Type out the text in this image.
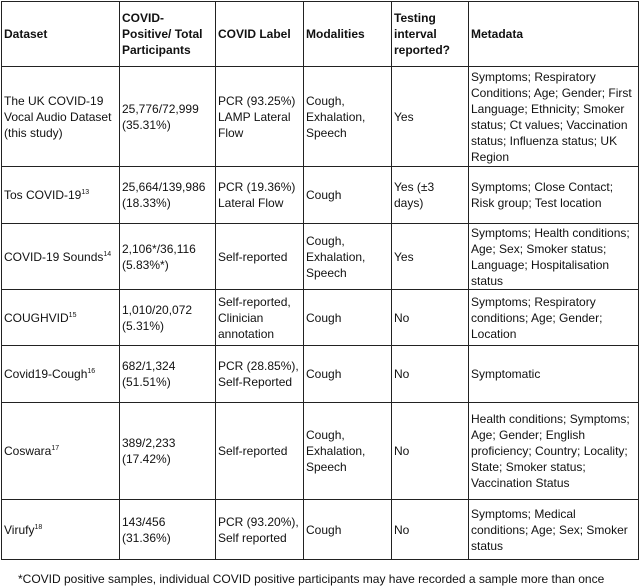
Dataset	COVID-Positive/ Total Participants	COVID Label	Modalities	Testing interval reported?	Metadata
The UK COVID-19 Vocal Audio Dataset (this study)	25,776/72,999 (35.31%)	PCR (93.25%) LAMP Lateral Flow	Cough, Exhalation, Speech	Yes	Symptoms; Respiratory Conditions; Age; Gender; First Language; Ethnicity; Smoker status; Ct values; Vaccination status; Influenza status; UK Region
Tos COVID-$19^{13}$	25,664/139,986 (18.33%)	PCR (19.36%) Lateral Flow	Cough	Yes (±3 days)	Symptoms; Close Contact; Risk group; Test location
COVID-19 Sounds$^{14}$	2,106*/36,116 (5.83%*)	Self-reported	Cough, Exhalation, Speech	Yes	Symptoms; Health conditions; Age; Sex; Smoker status; Language; Hospitalisation status
COUGHVID$^{15}$	1,010/20,072 (5.31%)	Self-reported, Clinician annotation	Cough	No	Symptoms; Respiratory conditions; Age; Gender; Location
Covid19-Cough$^{16}$	682/1,324 (51.51%)	PCR (28.85%), Self-Reported	Cough	No	Symptomatic
Coswara$^{17}$	389/2,233 (17.42%)	Self-reported	Cough, Exhalation, Speech	No	Health conditions; Symptoms; Age; Gender; English proficiency; Country; Locality; State; Smoker status; Vaccination Status
Virufy$^{18}$	143/456 (31.36%)	PCR (93.20%), Self reported	Cough	No	Symptoms; Medical conditions; Age; Sex; Smoker status
*COVID positive samples, individual COVID positive participants may have recorded a sample more than once
